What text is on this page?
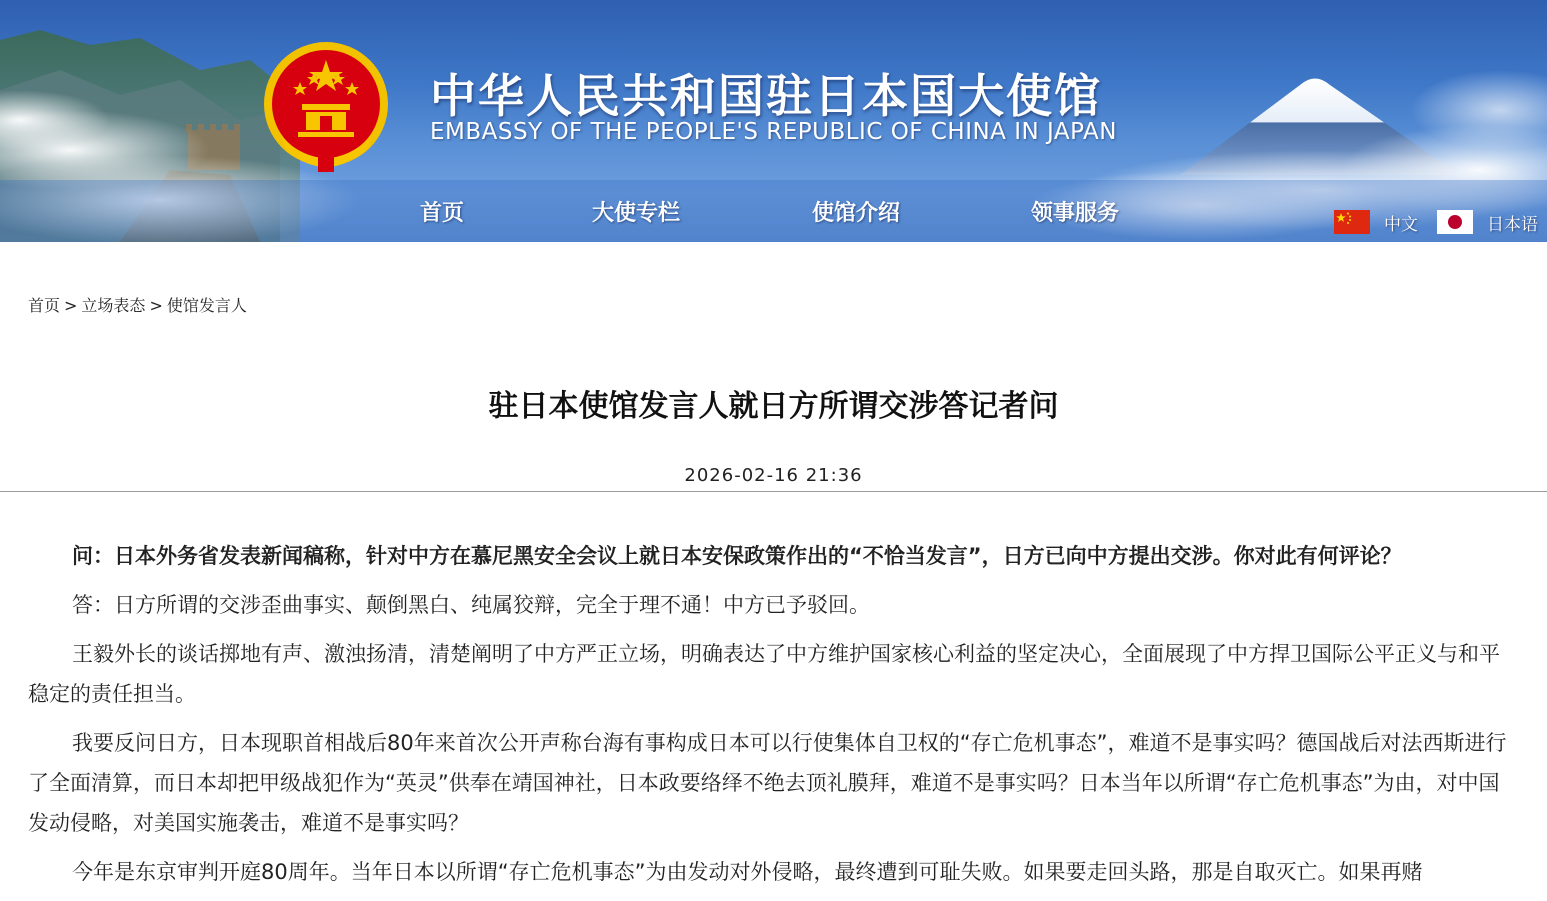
中华人民共和国驻日本国大使馆
EMBASSY OF THE PEOPLE'S REPUBLIC OF CHINA IN JAPAN
首页	大使专栏	使馆介绍	领事服务	中文	日本语
首页 > 立场表态 > 使馆发言人
驻日本使馆发言人就日方所谓交涉答记者问
2026-02-16 21:36

问：日本外务省发表新闻稿称，针对中方在慕尼黑安全会议上就日本安保政策作出的“不恰当发言”，日方已向中方提出交涉。你对此有何评论？

答：日方所谓的交涉歪曲事实、颠倒黑白、纯属狡辩，完全于理不通！中方已予驳回。

王毅外长的谈话掷地有声、激浊扬清，清楚阐明了中方严正立场，明确表达了中方维护国家核心利益的坚定决心，全面展现了中方捍卫国际公平正义与和平稳定的责任担当。

我要反问日方，日本现职首相战后80年来首次公开声称台海有事构成日本可以行使集体自卫权的“存亡危机事态”，难道不是事实吗？德国战后对法西斯进行了全面清算，而日本却把甲级战犯作为“英灵”供奉在靖国神社，日本政要络绎不绝去顶礼膜拜，难道不是事实吗？日本当年以所谓“存亡危机事态”为由，对中国发动侵略，对美国实施袭击，难道不是事实吗？

今年是东京审判开庭80周年。当年日本以所谓“存亡危机事态”为由发动对外侵略，最终遭到可耻失败。如果要走回头路，那是自取灭亡。如果再赌
